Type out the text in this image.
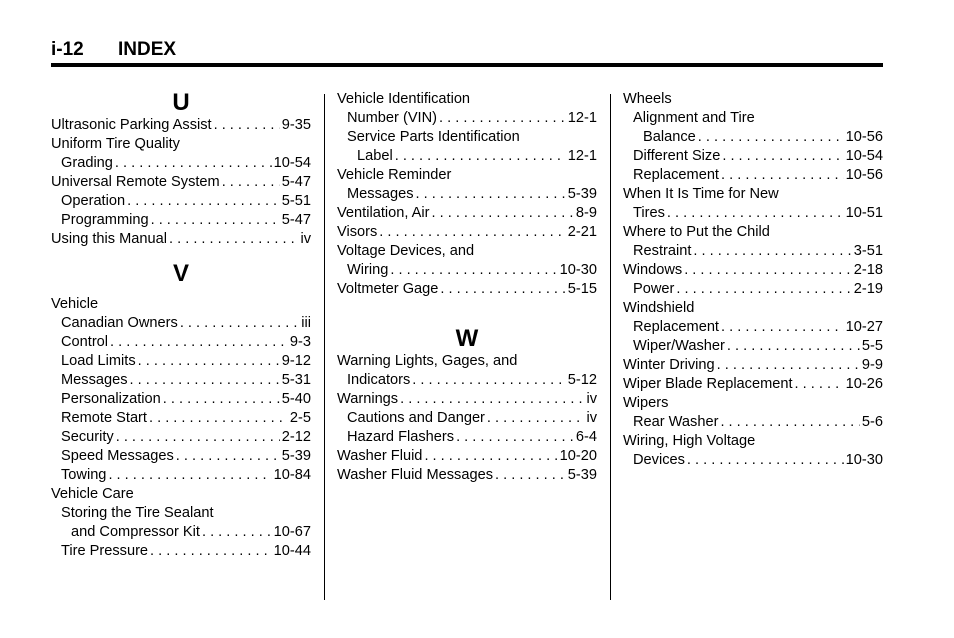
i-12 INDEX
U
Ultrasonic Parking Assist . . .	9-35
Uniform Tire Quality
Grading . . .	10-54
Universal Remote System . . .	5-47
Operation . . .	5-51
Programming . . .	5-47
Using this Manual . . .	iv
V
Vehicle
Canadian Owners . . .	iii
Control . . .	9-3
Load Limits . . .	9-12
Messages . . .	5-31
Personalization . . .	5-40
Remote Start . . .	2-5
Security . . .	2-12
Speed Messages . . .	5-39
Towing . . .	10-84
Vehicle Care
Storing the Tire Sealant
and Compressor Kit . . .	10-67
Tire Pressure . . .	10-44
Vehicle Identification
Number (VIN) . . .	12-1
Service Parts Identification
Label . . .	12-1
Vehicle Reminder
Messages . . .	5-39
Ventilation, Air . . .	8-9
Visors . . .	2-21
Voltage Devices, and
Wiring . . .	10-30
Voltmeter Gage . . .	5-15
W
Warning Lights, Gages, and
Indicators . . .	5-12
Warnings . . .	iv
Cautions and Danger . . .	iv
Hazard Flashers . . .	6-4
Washer Fluid . . .	10-20
Washer Fluid Messages . . .	5-39
Wheels
Alignment and Tire
Balance . . .	10-56
Different Size . . .	10-54
Replacement . . .	10-56
When It Is Time for New
Tires . . .	10-51
Where to Put the Child
Restraint . . .	3-51
Windows . . .	2-18
Power . . .	2-19
Windshield
Replacement . . .	10-27
Wiper/Washer . . .	5-5
Winter Driving . . .	9-9
Wiper Blade Replacement . . .	10-26
Wipers
Rear Washer . . .	5-6
Wiring, High Voltage
Devices . . .	10-30
